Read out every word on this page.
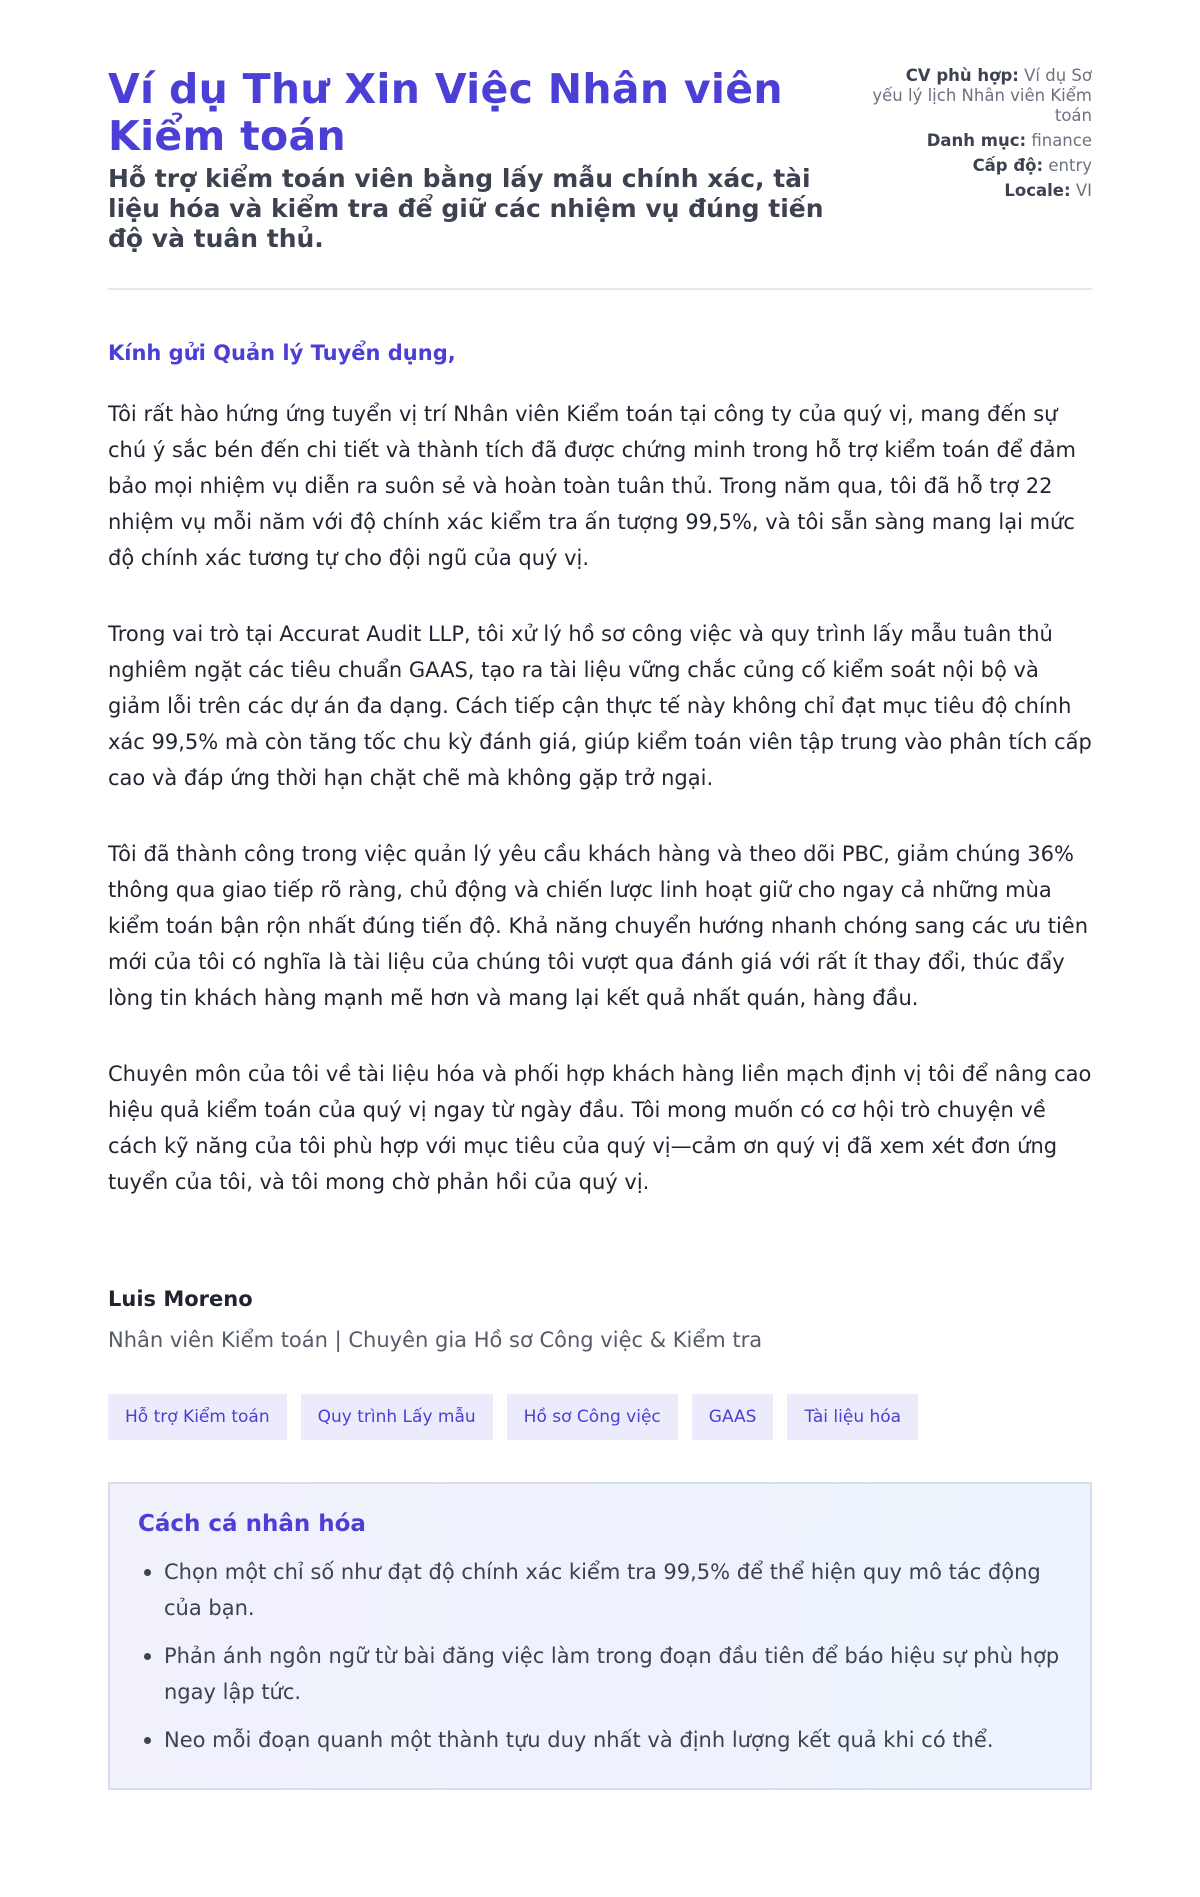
Ví dụ Thư Xin Việc Nhân viên Kiểm toán
Hỗ trợ kiểm toán viên bằng lấy mẫu chính xác, tài liệu hóa và kiểm tra để giữ các nhiệm vụ đúng tiến độ và tuân thủ.
CV phù hợp: Ví dụ Sơ yếu lý lịch Nhân viên Kiểm toán
Danh mục: finance
Cấp độ: entry
Locale: VI
Kính gửi Quản lý Tuyển dụng,

Tôi rất hào hứng ứng tuyển vị trí Nhân viên Kiểm toán tại công ty của quý vị, mang đến sự chú ý sắc bén đến chi tiết và thành tích đã được chứng minh trong hỗ trợ kiểm toán để đảm bảo mọi nhiệm vụ diễn ra suôn sẻ và hoàn toàn tuân thủ. Trong năm qua, tôi đã hỗ trợ 22 nhiệm vụ mỗi năm với độ chính xác kiểm tra ấn tượng 99,5%, và tôi sẵn sàng mang lại mức độ chính xác tương tự cho đội ngũ của quý vị.

Trong vai trò tại Accurat Audit LLP, tôi xử lý hồ sơ công việc và quy trình lấy mẫu tuân thủ nghiêm ngặt các tiêu chuẩn GAAS, tạo ra tài liệu vững chắc củng cố kiểm soát nội bộ và giảm lỗi trên các dự án đa dạng. Cách tiếp cận thực tế này không chỉ đạt mục tiêu độ chính xác 99,5% mà còn tăng tốc chu kỳ đánh giá, giúp kiểm toán viên tập trung vào phân tích cấp cao và đáp ứng thời hạn chặt chẽ mà không gặp trở ngại.

Tôi đã thành công trong việc quản lý yêu cầu khách hàng và theo dõi PBC, giảm chúng 36% thông qua giao tiếp rõ ràng, chủ động và chiến lược linh hoạt giữ cho ngay cả những mùa kiểm toán bận rộn nhất đúng tiến độ. Khả năng chuyển hướng nhanh chóng sang các ưu tiên mới của tôi có nghĩa là tài liệu của chúng tôi vượt qua đánh giá với rất ít thay đổi, thúc đẩy lòng tin khách hàng mạnh mẽ hơn và mang lại kết quả nhất quán, hàng đầu.

Chuyên môn của tôi về tài liệu hóa và phối hợp khách hàng liền mạch định vị tôi để nâng cao hiệu quả kiểm toán của quý vị ngay từ ngày đầu. Tôi mong muốn có cơ hội trò chuyện về cách kỹ năng của tôi phù hợp với mục tiêu của quý vị—cảm ơn quý vị đã xem xét đơn ứng tuyển của tôi, và tôi mong chờ phản hồi của quý vị.

Luis Moreno
Nhân viên Kiểm toán | Chuyên gia Hồ sơ Công việc & Kiểm tra
Hỗ trợ Kiểm toán	Quy trình Lấy mẫu	Hồ sơ Công việc	GAAS	Tài liệu hóa
Cách cá nhân hóa
Chọn một chỉ số như đạt độ chính xác kiểm tra 99,5% để thể hiện quy mô tác động của bạn.
Phản ánh ngôn ngữ từ bài đăng việc làm trong đoạn đầu tiên để báo hiệu sự phù hợp ngay lập tức.
Neo mỗi đoạn quanh một thành tựu duy nhất và định lượng kết quả khi có thể.
